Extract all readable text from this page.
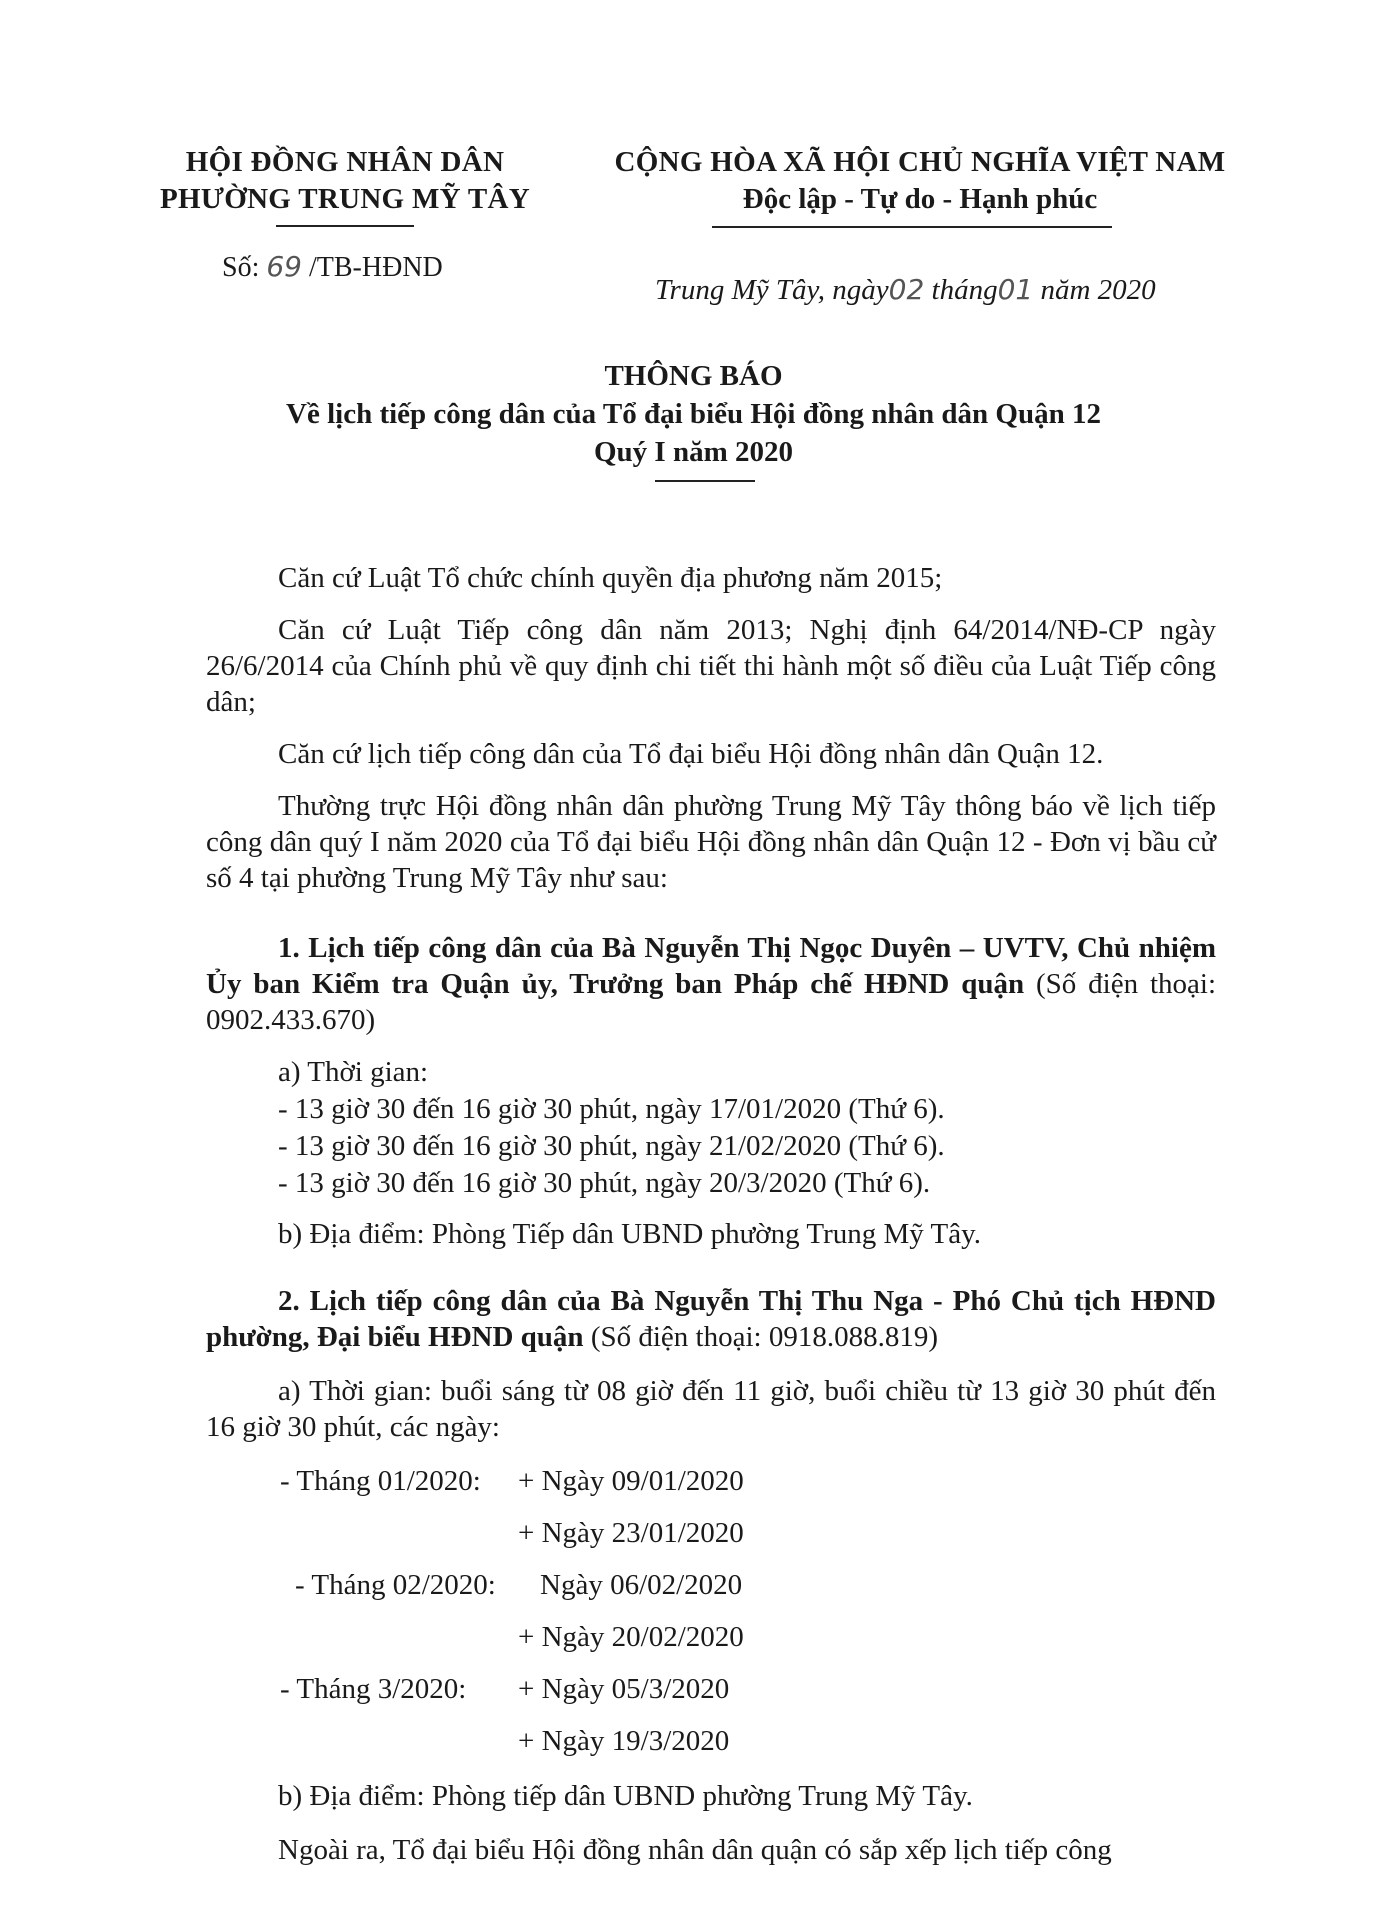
HỘI ĐỒNG NHÂN DÂN
PHƯỜNG TRUNG MỸ TÂY
CỘNG HÒA XÃ HỘI CHỦ NGHĨA VIỆT NAM
Độc lập - Tự do - Hạnh phúc
Số: 69 /TB-HĐND
Trung Mỹ Tây, ngày02 tháng01 năm 2020
THÔNG BÁO
Về lịch tiếp công dân của Tổ đại biểu Hội đồng nhân dân Quận 12
Quý I năm 2020
Căn cứ Luật Tổ chức chính quyền địa phương năm 2015;
Căn cứ Luật Tiếp công dân năm 2013; Nghị định 64/2014/NĐ-CP ngày 26/6/2014 của Chính phủ về quy định chi tiết thi hành một số điều của Luật Tiếp công dân;
Căn cứ lịch tiếp công dân của Tổ đại biểu Hội đồng nhân dân Quận 12.
Thường trực Hội đồng nhân dân phường Trung Mỹ Tây thông báo về lịch tiếp công dân quý I năm 2020 của Tổ đại biểu Hội đồng nhân dân Quận 12 - Đơn vị bầu cử số 4 tại phường Trung Mỹ Tây như sau:
1. Lịch tiếp công dân của Bà Nguyễn Thị Ngọc Duyên – UVTV, Chủ nhiệm Ủy ban Kiểm tra Quận ủy, Trưởng ban Pháp chế HĐND quận (Số điện thoại: 0902.433.670)
a) Thời gian:
- 13 giờ 30 đến 16 giờ 30 phút, ngày 17/01/2020 (Thứ 6).
- 13 giờ 30 đến 16 giờ 30 phút, ngày 21/02/2020 (Thứ 6).
- 13 giờ 30 đến 16 giờ 30 phút, ngày 20/3/2020 (Thứ 6).
b) Địa điểm: Phòng Tiếp dân UBND phường Trung Mỹ Tây.
2. Lịch tiếp công dân của Bà Nguyễn Thị Thu Nga - Phó Chủ tịch HĐND phường, Đại biểu HĐND quận (Số điện thoại: 0918.088.819)
a) Thời gian: buổi sáng từ 08 giờ đến 11 giờ, buổi chiều từ 13 giờ 30 phút đến 16 giờ 30 phút, các ngày:
- Tháng 01/2020: + Ngày 09/01/2020
+ Ngày 23/01/2020
- Tháng 02/2020: Ngày 06/02/2020
+ Ngày 20/02/2020
- Tháng 3/2020: + Ngày 05/3/2020
+ Ngày 19/3/2020
b) Địa điểm: Phòng tiếp dân UBND phường Trung Mỹ Tây.
Ngoài ra, Tổ đại biểu Hội đồng nhân dân quận có sắp xếp lịch tiếp công
